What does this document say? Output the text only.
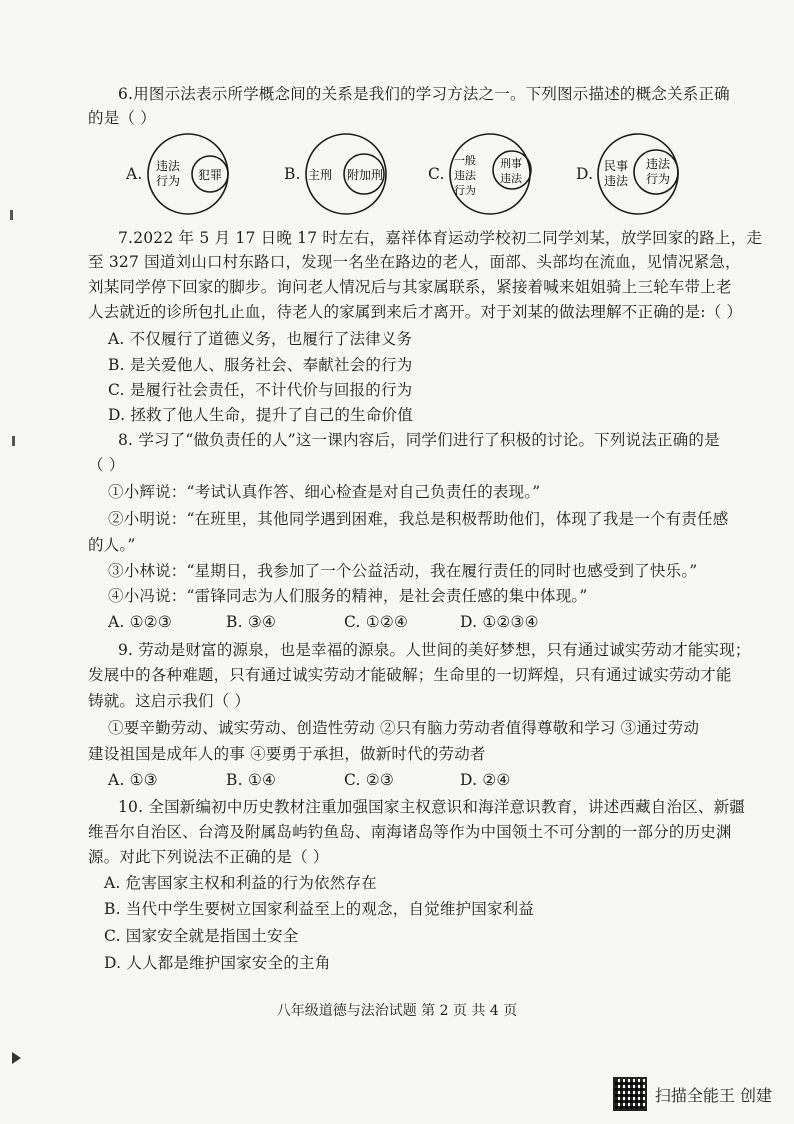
6.用图示法表示所学概念间的关系是我们的学习方法之一。下列图示描述的概念关系正确
的是（ ）
A. 违法
行为 犯罪	B. 主刑 附加刑	C.
一般
违法
行为
刑事
违法	D. 民事
违法
违法
行为
7.2022 年 5 月 17 日晚 17 时左右，嘉祥体育运动学校初二同学刘某，放学回家的路上，走
至 327 国道刘山口村东路口，发现一名坐在路边的老人，面部、头部均在流血，见情况紧急，
刘某同学停下回家的脚步。询问老人情况后与其家属联系，紧接着喊来姐姐骑上三轮车带上老
人去就近的诊所包扎止血，待老人的家属到来后才离开。对于刘某的做法理解不正确的是:（ ）
A. 不仅履行了道德义务，也履行了法律义务
B. 是关爱他人、服务社会、奉献社会的行为
C. 是履行社会责任，不计代价与回报的行为
D. 拯救了他人生命，提升了自己的生命价值
8. 学习了“做负责任的人”这一课内容后，同学们进行了积极的讨论。下列说法正确的是
（ ）
①小辉说：“考试认真作答、细心检查是对自己负责任的表现。”
②小明说：“在班里，其他同学遇到困难，我总是积极帮助他们，体现了我是一个有责任感
的人。”
③小林说：“星期日，我参加了一个公益活动，我在履行责任的同时也感受到了快乐。”
④小冯说：“雷锋同志为人们服务的精神，是社会责任感的集中体现。”
A. ①②③	B. ③④	C. ①②④	D. ①②③④
9. 劳动是财富的源泉，也是幸福的源泉。人世间的美好梦想，只有通过诚实劳动才能实现；
发展中的各种难题，只有通过诚实劳动才能破解；生命里的一切辉煌，只有通过诚实劳动才能
铸就。这启示我们（ ）
①要辛勤劳动、诚实劳动、创造性劳动 ②只有脑力劳动者值得尊敬和学习 ③通过劳动
建设祖国是成年人的事 ④要勇于承担，做新时代的劳动者
A. ①③	B. ①④	C. ②③	D. ②④
10. 全国新编初中历史教材注重加强国家主权意识和海洋意识教育，讲述西藏自治区、新疆
维吾尔自治区、台湾及附属岛屿钓鱼岛、南海诸岛等作为中国领土不可分割的一部分的历史渊
源。对此下列说法不正确的是（ ）
A. 危害国家主权和利益的行为依然存在
B. 当代中学生要树立国家利益至上的观念，自觉维护国家利益
C. 国家安全就是指国土安全
D. 人人都是维护国家安全的主角
八年级道德与法治试题 第 2 页 共 4 页
扫描全能王 创建
